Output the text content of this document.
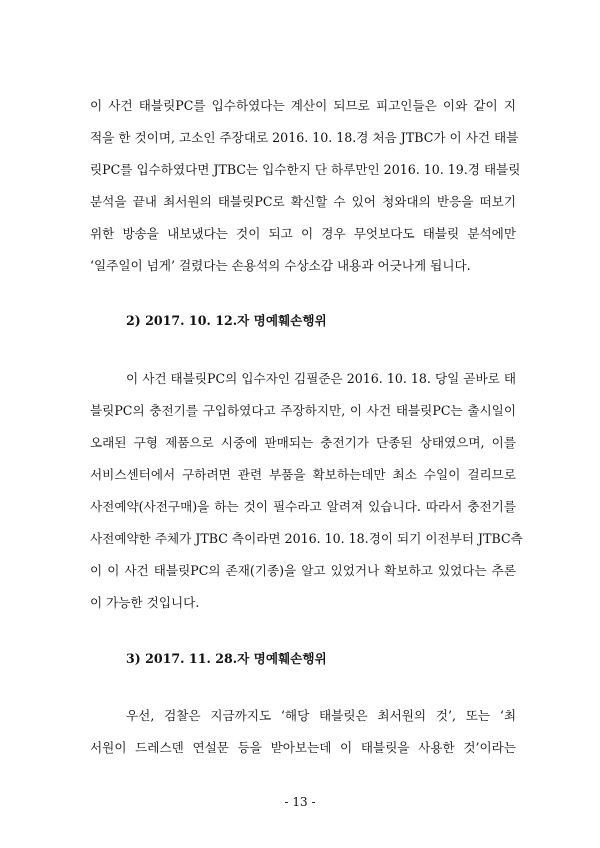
이 사건 태블릿PC를 입수하였다는 계산이 되므로 피고인들은 이와 같이 지
적을 한 것이며, 고소인 주장대로 2016. 10. 18.경 처음 JTBC가 이 사건 태블
릿PC를 입수하였다면 JTBC는 입수한지 단 하루만인 2016. 10. 19.경 태블릿
분석을 끝내 최서원의 태블릿PC로 확신할 수 있어 청와대의 반응을 떠보기
위한 방송을 내보냈다는 것이 되고 이 경우 무엇보다도 태블릿 분석에만
‘일주일이 넘게’ 걸렸다는 손용석의 수상소감 내용과 어긋나게 됩니다.
2) 2017. 10. 12.자 명예훼손행위
이 사건 태블릿PC의 입수자인 김필준은 2016. 10. 18. 당일 곧바로 태
블릿PC의 충전기를 구입하였다고 주장하지만, 이 사건 태블릿PC는 출시일이
오래된 구형 제품으로 시중에 판매되는 충전기가 단종된 상태였으며, 이를
서비스센터에서 구하려면 관련 부품을 확보하는데만 최소 수일이 걸리므로
사전예약(사전구매)을 하는 것이 필수라고 알려져 있습니다. 따라서 충전기를
사전예약한 주체가 JTBC 측이라면 2016. 10. 18.경이 되기 이전부터 JTBC측
이 이 사건 태블릿PC의 존재(기종)을 알고 있었거나 확보하고 있었다는 추론
이 가능한 것입니다.
3) 2017. 11. 28.자 명예훼손행위
우선, 검찰은 지금까지도 ‘해당 태블릿은 최서원의 것’, 또는 ‘최
서원이 드레스덴 연설문 등을 받아보는데 이 태블릿을 사용한 것’이라는
- 13 -
